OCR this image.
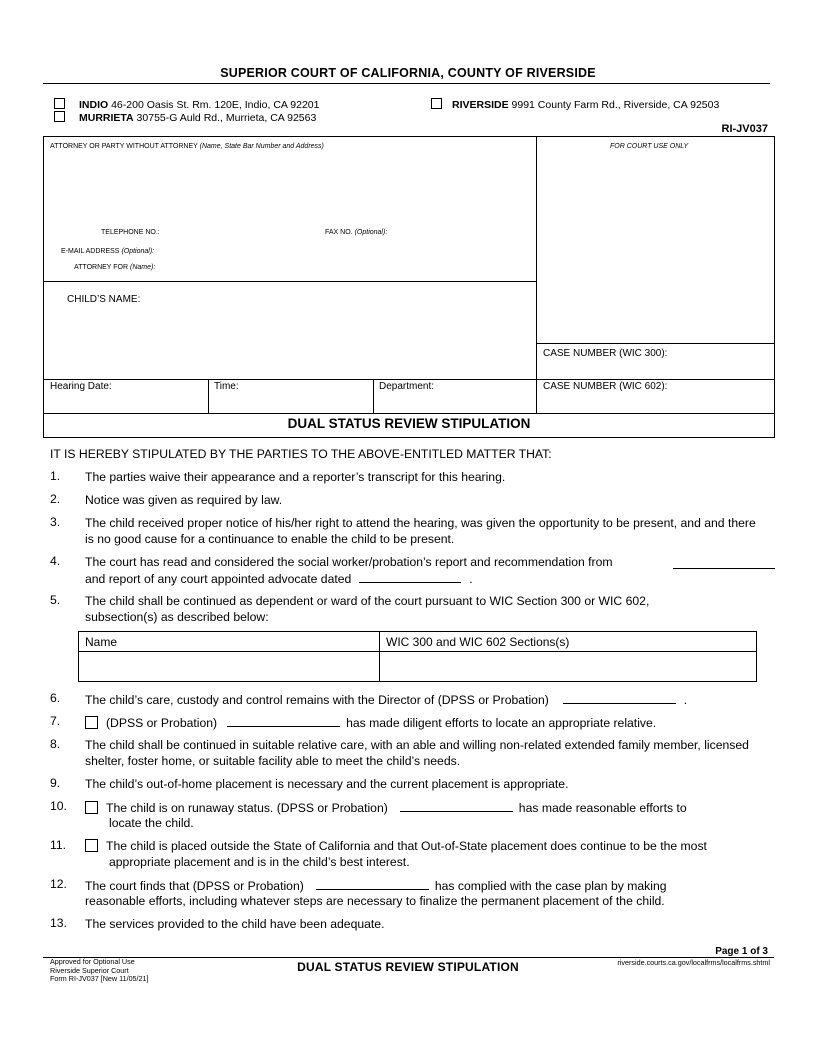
SUPERIOR COURT OF CALIFORNIA, COUNTY OF RIVERSIDE
INDIO 46-200 Oasis St. Rm. 120E, Indio, CA 92201
MURRIETA 30755-G Auld Rd., Murrieta, CA 92563
RIVERSIDE 9991 County Farm Rd., Riverside, CA 92503
RI-JV037
ATTORNEY OR PARTY WITHOUT ATTORNEY (Name, State Bar Number and Address)	FOR COURT USE ONLY
TELEPHONE NO.:	FAX NO. (Optional):
E-MAIL ADDRESS (Optional):
ATTORNEY FOR (Name):
CHILD’S NAME:
CASE NUMBER (WIC 300):
CASE NUMBER (WIC 602):
Hearing Date:	Time:	Department:
DUAL STATUS REVIEW STIPULATION
IT IS HEREBY STIPULATED BY THE PARTIES TO THE ABOVE-ENTITLED MATTER THAT:
1. The parties waive their appearance and a reporter’s transcript for this hearing.
2. Notice was given as required by law.
3. The child received proper notice of his/her right to attend the hearing, was given the opportunity to be present, and and there is no good cause for a continuance to enable the child to be present.
4. The court has read and considered the social worker/probation’s report and recommendation from
and report of any court appointed advocate dated	.
5. The child shall be continued as dependent or ward of the court pursuant to WIC Section 300 or WIC 602, subsection(s) as described below:
Name	WIC 300 and WIC 602 Sections(s)

6. The child’s care, custody and control remains with the Director of (DPSS or Probation)	.
7.	(DPSS or Probation)	has made diligent efforts to locate an appropriate relative.
8. The child shall be continued in suitable relative care, with an able and willing non-related extended family member, licensed shelter, foster home, or suitable facility able to meet the child’s needs.
9. The child’s out-of-home placement is necessary and the current placement is appropriate.
10.	The child is on runaway status. (DPSS or Probation)	has made reasonable efforts to
locate the child.
11.	The child is placed outside the State of California and that Out-of-State placement does continue to be the most
appropriate placement and is in the child’s best interest.
12. The court finds that (DPSS or Probation)	has complied with the case plan by making
reasonable efforts, including whatever steps are necessary to finalize the permanent placement of the child.
13. The services provided to the child have been adequate.
Page 1 of 3
Approved for Optional Use
Riverside Superior Court
Form RI-JV037 [New 11/05/21]
DUAL STATUS REVIEW STIPULATION	riverside.courts.ca.gov/localfrms/localfrms.shtml
